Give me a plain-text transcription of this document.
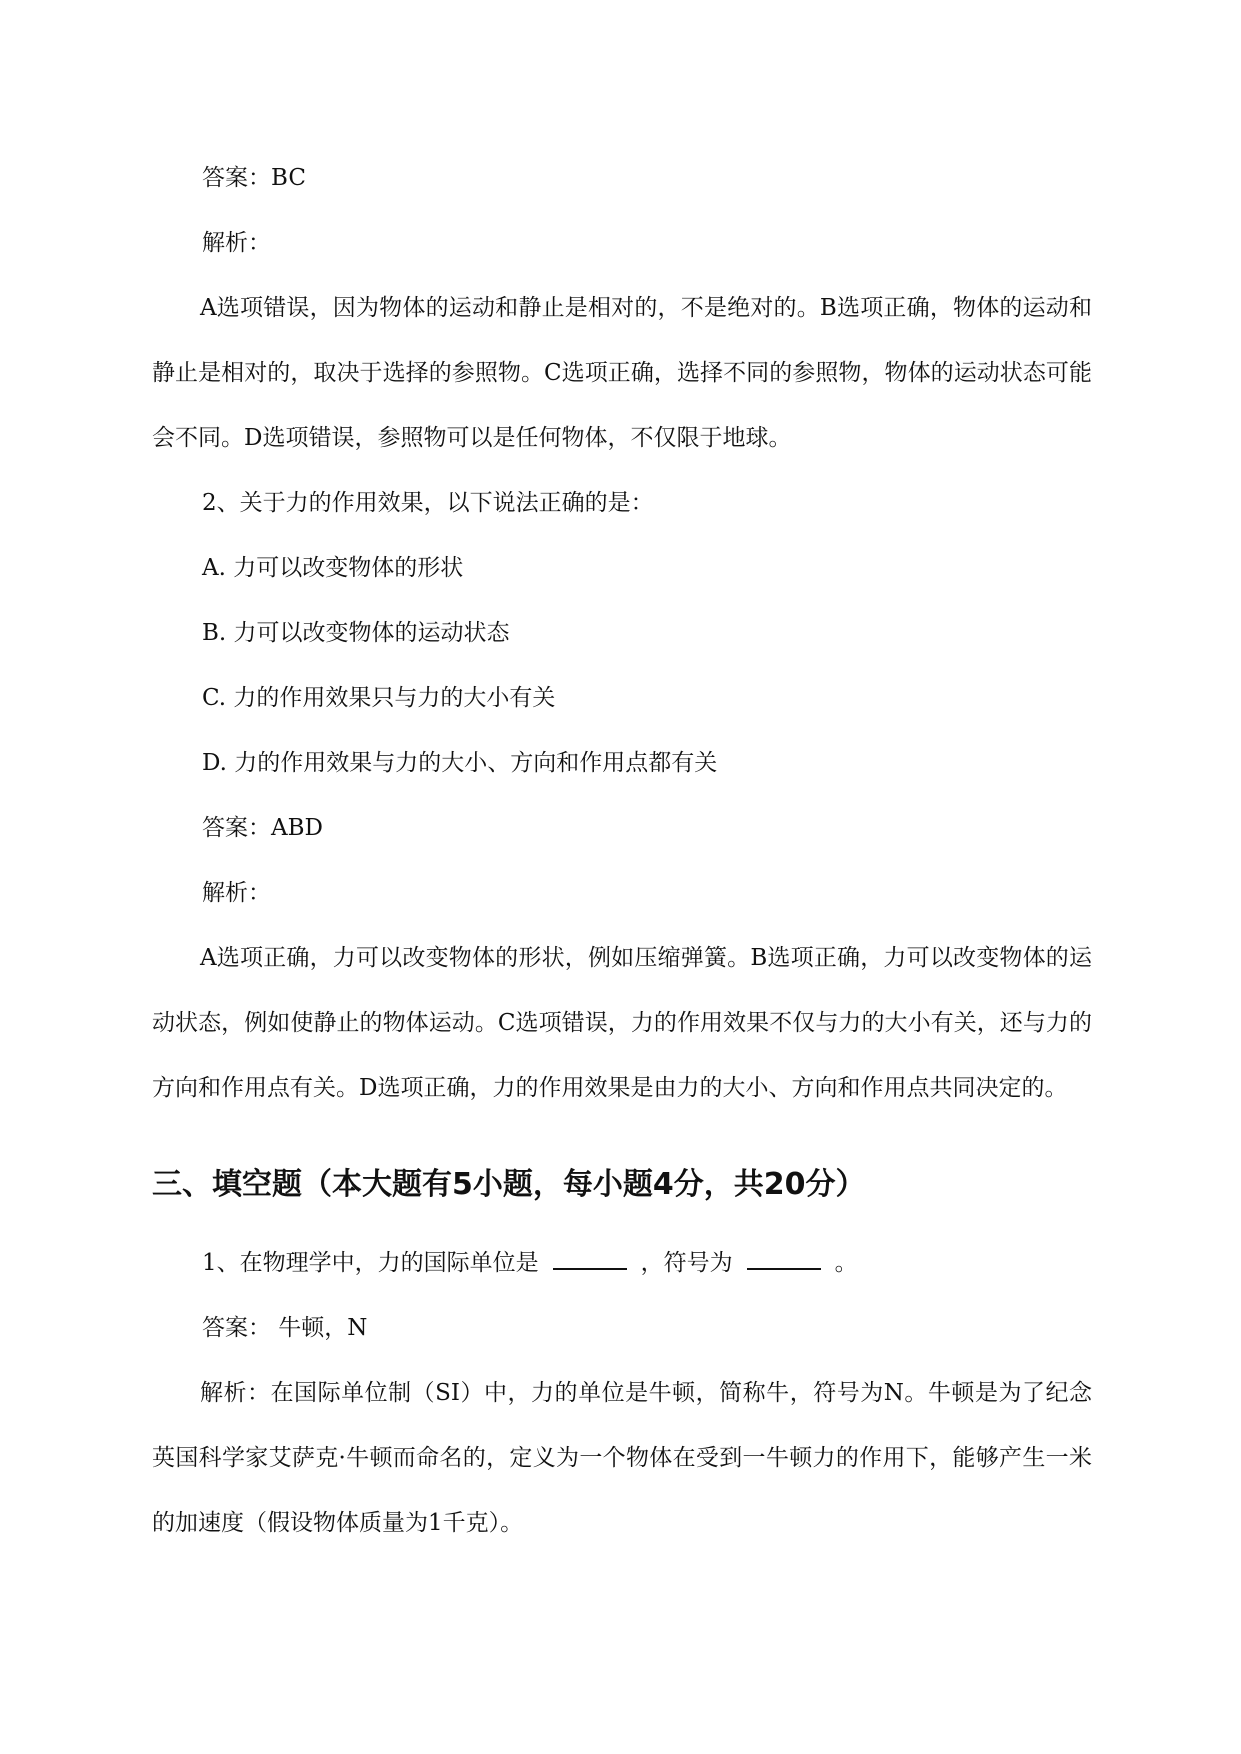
答案：BC
解析：

A选项错误，因为物体的运动和静止是相对的，不是绝对的。B选项正确，物体的运动和静止是相对的，取决于选择的参照物。C选项正确，选择不同的参照物，物体的运动状态可能会不同。D选项错误，参照物可以是任何物体，不仅限于地球。

2、关于力的作用效果，以下说法正确的是：
A. 力可以改变物体的形状
B. 力可以改变物体的运动状态
C. 力的作用效果只与力的大小有关
D. 力的作用效果与力的大小、方向和作用点都有关
答案：ABD
解析：

A选项正确，力可以改变物体的形状，例如压缩弹簧。B选项正确，力可以改变物体的运动状态，例如使静止的物体运动。C选项错误，力的作用效果不仅与力的大小有关，还与力的方向和作用点有关。D选项正确，力的作用效果是由力的大小、方向和作用点共同决定的。

三、填空题（本大题有5小题，每小题4分，共20分）
1、在物理学中，力的国际单位是	，符号为	。
答案： 牛顿，N

解析：在国际单位制（SI）中，力的单位是牛顿，简称牛，符号为N。牛顿是为了纪念英国科学家艾萨克·牛顿而命名的，定义为一个物体在受到一牛顿力的作用下，能够产生一米的加速度（假设物体质量为1千克）。
